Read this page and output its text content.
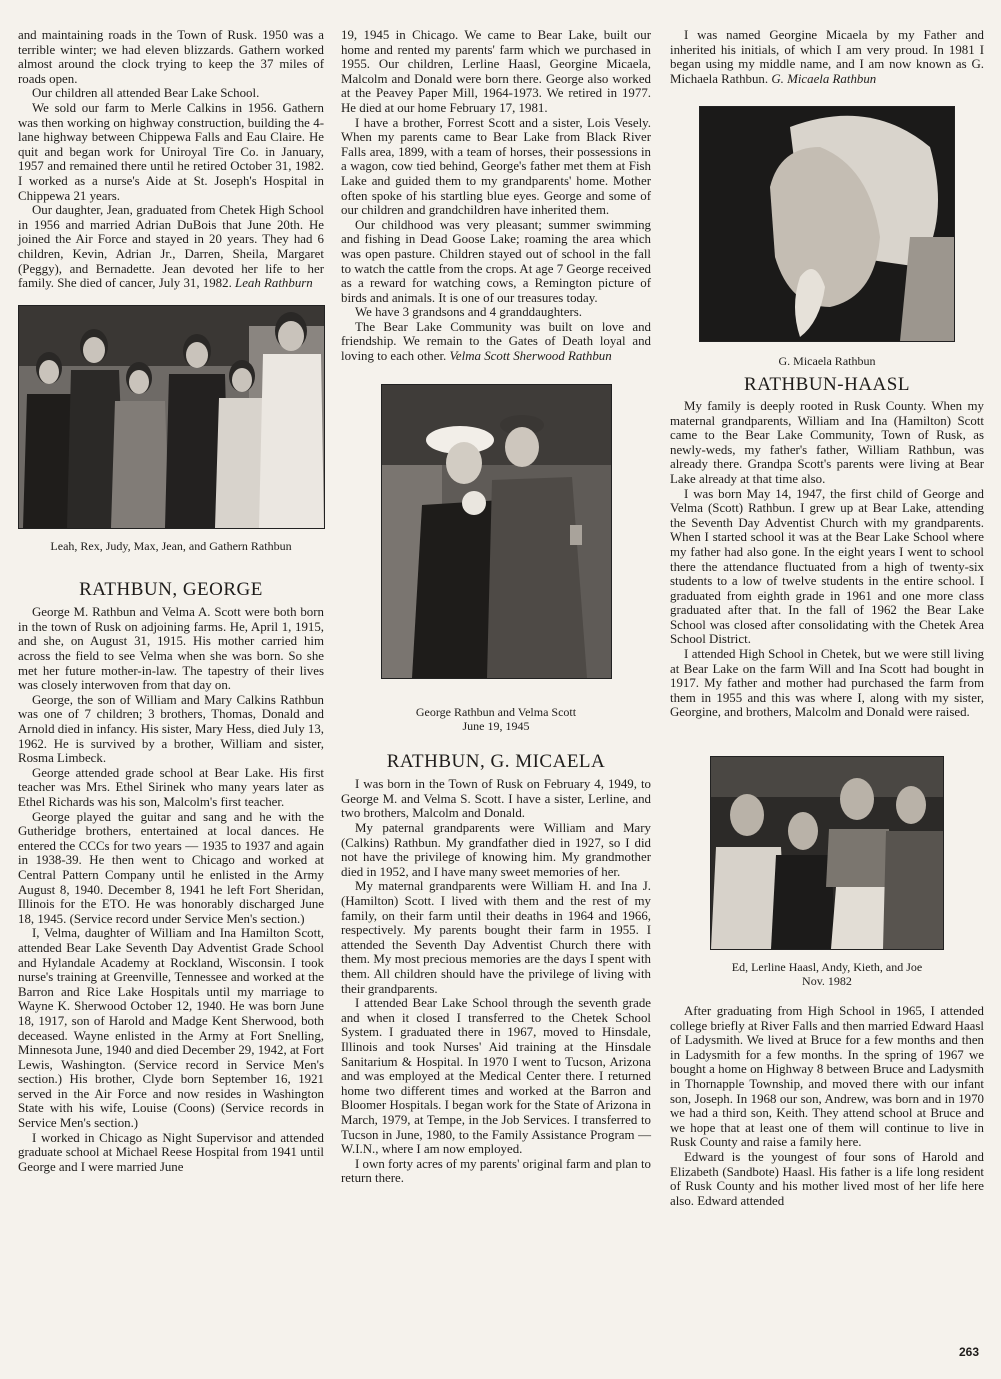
and maintaining roads in the Town of Rusk. 1950 was a terrible winter; we had eleven blizzards. Gathern worked almost around the clock trying to keep the 37 miles of roads open.

Our children all attended Bear Lake School.

We sold our farm to Merle Calkins in 1956. Gathern was then working on highway construction, building the 4-lane highway between Chippewa Falls and Eau Claire. He quit and began work for Uniroyal Tire Co. in January, 1957 and remained there until he retired October 31, 1982. I worked as a nurse's Aide at St. Joseph's Hospital in Chippewa 21 years.

Our daughter, Jean, graduated from Chetek High School in 1956 and married Adrian DuBois that June 20th. He joined the Air Force and stayed in 20 years. They had 6 children, Kevin, Adrian Jr., Darren, Sheila, Margaret (Peggy), and Bernadette. Jean devoted her life to her family. She died of cancer, July 31, 1982. Leah Rathburn

Leah, Rex, Judy, Max, Jean, and Gathern Rathbun
RATHBUN, GEORGE

George M. Rathbun and Velma A. Scott were both born in the town of Rusk on adjoining farms. He, April 1, 1915, and she, on August 31, 1915. His mother carried him across the field to see Velma when she was born. So she met her future mother-in-law. The tapestry of their lives was closely interwoven from that day on.

George, the son of William and Mary Calkins Rathbun was one of 7 children; 3 brothers, Thomas, Donald and Arnold died in infancy. His sister, Mary Hess, died July 13, 1962. He is survived by a brother, William and sister, Rosma Limbeck.

George attended grade school at Bear Lake. His first teacher was Mrs. Ethel Sirinek who many years later as Ethel Richards was his son, Malcolm's first teacher.

George played the guitar and sang and he with the Gutheridge brothers, entertained at local dances. He entered the CCCs for two years — 1935 to 1937 and again in 1938-39. He then went to Chicago and worked at Central Pattern Company until he enlisted in the Army August 8, 1940. December 8, 1941 he left Fort Sheridan, Illinois for the ETO. He was honorably discharged June 18, 1945. (Service record under Service Men's section.)

I, Velma, daughter of William and Ina Hamilton Scott, attended Bear Lake Seventh Day Adventist Grade School and Hylandale Academy at Rockland, Wisconsin. I took nurse's training at Greenville, Tennessee and worked at the Barron and Rice Lake Hospitals until my marriage to Wayne K. Sherwood October 12, 1940. He was born June 18, 1917, son of Harold and Madge Kent Sherwood, both deceased. Wayne enlisted in the Army at Fort Snelling, Minnesota June, 1940 and died December 29, 1942, at Fort Lewis, Washington. (Service record in Service Men's section.) His brother, Clyde born September 16, 1921 served in the Air Force and now resides in Washington State with his wife, Louise (Coons) (Service records in Service Men's section.)

I worked in Chicago as Night Supervisor and attended graduate school at Michael Reese Hospital from 1941 until George and I were married June

19, 1945 in Chicago. We came to Bear Lake, built our home and rented my parents' farm which we purchased in 1955. Our children, Lerline Haasl, Georgine Micaela, Malcolm and Donald were born there. George also worked at the Peavey Paper Mill, 1964-1973. We retired in 1977. He died at our home February 17, 1981.

I have a brother, Forrest Scott and a sister, Lois Vesely. When my parents came to Bear Lake from Black River Falls area, 1899, with a team of horses, their possessions in a wagon, cow tied behind, George's father met them at Fish Lake and guided them to my grandparents' home. Mother often spoke of his startling blue eyes. George and some of our children and grandchildren have inherited them.

Our childhood was very pleasant; summer swimming and fishing in Dead Goose Lake; roaming the area which was open pasture. Children stayed out of school in the fall to watch the cattle from the crops. At age 7 George received as a reward for watching cows, a Remington picture of birds and animals. It is one of our treasures today.

We have 3 grandsons and 4 granddaughters.

The Bear Lake Community was built on love and friendship. We remain to the Gates of Death loyal and loving to each other. Velma Scott Sherwood Rathbun

George Rathbun and Velma Scott
June 19, 1945
RATHBUN, G. MICAELA

I was born in the Town of Rusk on February 4, 1949, to George M. and Velma S. Scott. I have a sister, Lerline, and two brothers, Malcolm and Donald.

My paternal grandparents were William and Mary (Calkins) Rathbun. My grandfather died in 1927, so I did not have the privilege of knowing him. My grandmother died in 1952, and I have many sweet memories of her.

My maternal grandparents were William H. and Ina J. (Hamilton) Scott. I lived with them and the rest of my family, on their farm until their deaths in 1964 and 1966, respectively. My parents bought their farm in 1955. I attended the Seventh Day Adventist Church there with them. My most precious memories are the days I spent with them. All children should have the privilege of living with their grandparents.

I attended Bear Lake School through the seventh grade and when it closed I transferred to the Chetek School System. I graduated there in 1967, moved to Hinsdale, Illinois and took Nurses' Aid training at the Hinsdale Sanitarium & Hospital. In 1970 I went to Tucson, Arizona and was employed at the Medical Center there. I returned home two different times and worked at the Barron and Bloomer Hospitals. I began work for the State of Arizona in March, 1979, at Tempe, in the Job Services. I transferred to Tucson in June, 1980, to the Family Assistance Program — W.I.N., where I am now employed.

I own forty acres of my parents' original farm and plan to return there.

I was named Georgine Micaela by my Father and inherited his initials, of which I am very proud. In 1981 I began using my middle name, and I am now known as G. Michaela Rathbun. G. Micaela Rathbun

G. Micaela Rathbun
RATHBUN-HAASL

My family is deeply rooted in Rusk County. When my maternal grandparents, William and Ina (Hamilton) Scott came to the Bear Lake Community, Town of Rusk, as newly-weds, my father's father, William Rathbun, was already there. Grandpa Scott's parents were living at Bear Lake already at that time also.

I was born May 14, 1947, the first child of George and Velma (Scott) Rathbun. I grew up at Bear Lake, attending the Seventh Day Adventist Church with my grandparents. When I started school it was at the Bear Lake School where my father had also gone. In the eight years I went to school there the attendance fluctuated from a high of twenty-six students to a low of twelve students in the entire school. I graduated from eighth grade in 1961 and one more class graduated after that. In the fall of 1962 the Bear Lake School was closed after consolidating with the Chetek Area School District.

I attended High School in Chetek, but we were still living at Bear Lake on the farm Will and Ina Scott had bought in 1917. My father and mother had purchased the farm from them in 1955 and this was where I, along with my sister, Georgine, and brothers, Malcolm and Donald were raised.

Ed, Lerline Haasl, Andy, Kieth, and Joe
Nov. 1982

After graduating from High School in 1965, I attended college briefly at River Falls and then married Edward Haasl of Ladysmith. We lived at Bruce for a few months and then in Ladysmith for a few months. In the spring of 1967 we bought a home on Highway 8 between Bruce and Ladysmith in Thornapple Township, and moved there with our infant son, Joseph. In 1968 our son, Andrew, was born and in 1970 we had a third son, Keith. They attend school at Bruce and we hope that at least one of them will continue to live in Rusk County and raise a family here.

Edward is the youngest of four sons of Harold and Elizabeth (Sandbote) Haasl. His father is a life long resident of Rusk County and his mother lived most of her life here also. Edward attended

263
